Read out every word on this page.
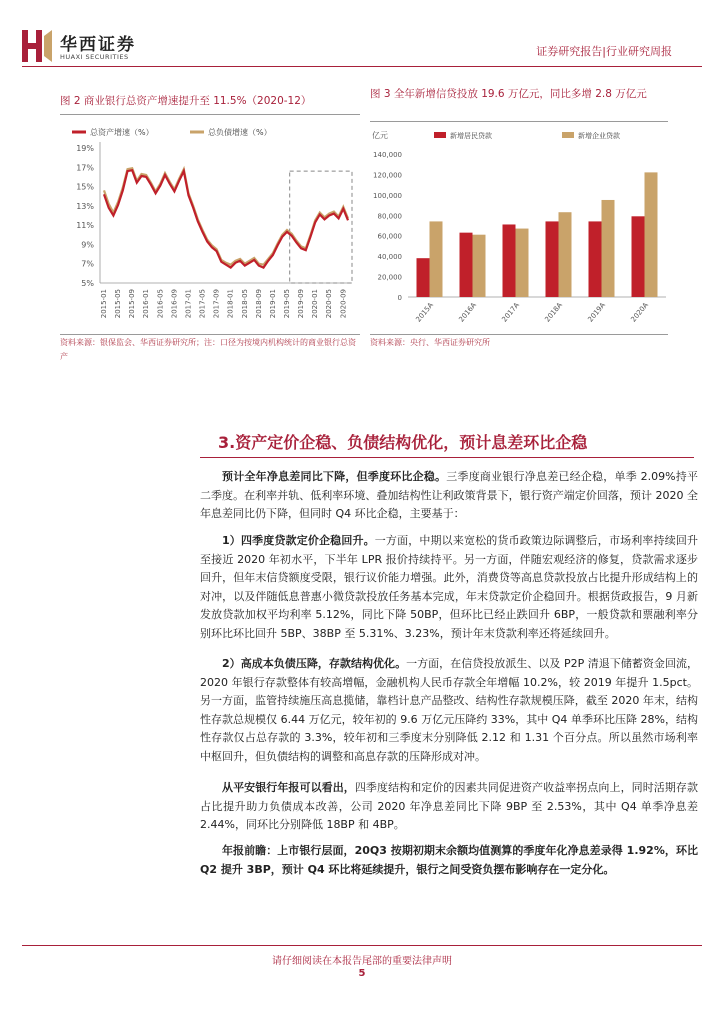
华西证券
HUAXI SECURITIES	证券研究报告|行业研究周报
图 2 商业银行总资产增速提升至 11.5%（2020-12）
总资产增速（%）	总负债增速（%）
5%
7%
9%
11%
13%
15%
17%
19%
2015-01 2015-05 2015-09 2016-01 2016-05 2016-09 2017-01 2017-05 2017-09 2018-01 2018-05 2018-09 2019-01 2019-05 2019-09 2020-01 2020-05 2020-09
资料来源：银保监会、华西证券研究所；注：口径为按境内机构统计的商业银行总资产
图 3 全年新增信贷投放 19.6 万亿元，同比多增 2.8 万亿元
亿元	新增居民贷款	新增企业贷款
0
20,000
40,000
60,000
80,000
100,000
120,000
140,000
2015A	2016A	2017A	2018A	2019A	2020A
资料来源：央行、华西证券研究所
3.资产定价企稳、负债结构优化，预计息差环比企稳
预计全年净息差同比下降，但季度环比企稳。三季度商业银行净息差已经企稳，单季 2.09%持平二季度。在利率并轨、低利率环境、叠加结构性让利政策背景下，银行资产端定价回落，预计 2020 全年息差同比仍下降，但同时 Q4 环比企稳，主要基于：
1）四季度贷款定价企稳回升。一方面，中期以来宽松的货币政策边际调整后，市场利率持续回升至接近 2020 年初水平，下半年 LPR 报价持续持平。另一方面，伴随宏观经济的修复，贷款需求逐步回升，但年末信贷额度受限，银行议价能力增强。此外，消费贷等高息贷款投放占比提升形成结构上的对冲，以及伴随低息普惠小微贷款投放任务基本完成，年末贷款定价企稳回升。根据货政报告，9 月新发放贷款加权平均利率 5.12%，同比下降 50BP，但环比已经止跌回升 6BP，一般贷款和票融利率分别环比环比回升 5BP、38BP 至 5.31%、3.23%，预计年末贷款利率还将延续回升。
2）高成本负债压降，存款结构优化。一方面，在信贷投放派生、以及 P2P 清退下储蓄资金回流，2020 年银行存款整体有较高增幅，金融机构人民币存款全年增幅 10.2%，较 2019 年提升 1.5pct。另一方面，监管持续施压高息揽储，靠档计息产品整改、结构性存款规模压降，截至 2020 年末，结构性存款总规模仅 6.44 万亿元，较年初的 9.6 万亿元压降约 33%，其中 Q4 单季环比压降 28%，结构性存款仅占总存款的 3.3%，较年初和三季度末分别降低 2.12 和 1.31 个百分点。所以虽然市场利率中枢回升，但负债结构的调整和高息存款的压降形成对冲。
从平安银行年报可以看出，四季度结构和定价的因素共同促进资产收益率拐点向上，同时活期存款占比提升助力负债成本改善，公司 2020 年净息差同比下降 9BP 至 2.53%，其中 Q4 单季净息差 2.44%，同环比分别降低 18BP 和 4BP。
年报前瞻：上市银行层面，20Q3 按期初期末余额均值测算的季度年化净息差录得 1.92%，环比 Q2 提升 3BP，预计 Q4 环比将延续提升，银行之间受资负摆布影响存在一定分化。
请仔细阅读在本报告尾部的重要法律声明
5
